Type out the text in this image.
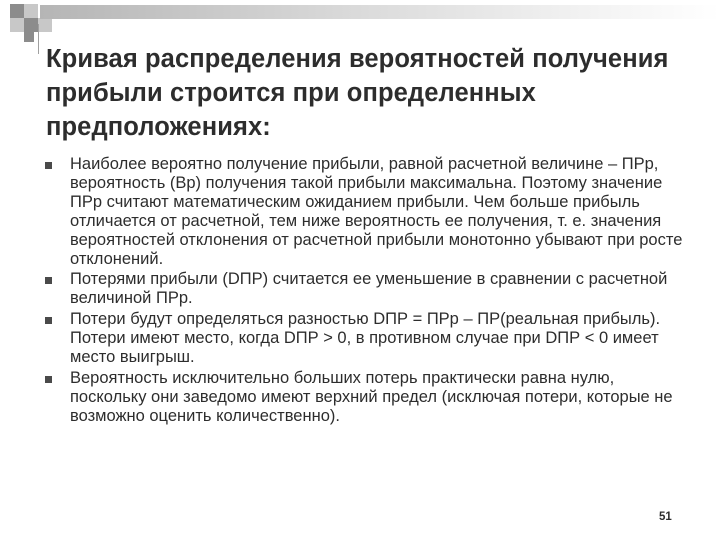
Кривая распределения вероятностей получения прибыли строится при определенных предположениях:
Наиболее вероятно получение прибыли, равной расчетной величине – ПРр, вероятность (Вр) получения такой прибыли максимальна. Поэтому значение ПРр считают математическим ожиданием прибыли. Чем больше прибыль отличается от расчетной, тем ниже вероятность ее получения, т. е. значения вероятностей отклонения от расчетной прибыли монотонно убывают при росте отклонений.
Потерями прибыли (DПР) считается ее уменьшение в сравнении с расчетной величиной ПРр.
Потери будут определяться разностью DПР = ПРр – ПР(реальная прибыль). Потери имеют место, когда DПР > 0, в противном случае при DПР < 0 имеет место выигрыш.
Вероятность исключительно больших потерь практически равна нулю, поскольку они заведомо имеют верхний предел (исключая потери, которые не возможно оценить количественно).
51
